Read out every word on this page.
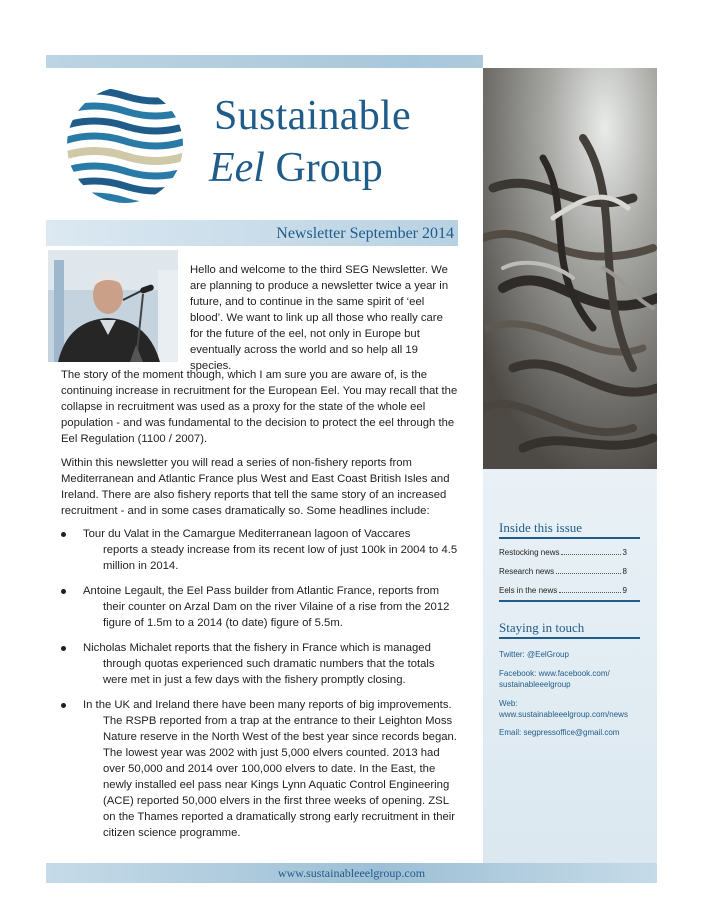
Sustainable
Eel Group
Newsletter September 2014
Hello and welcome to the third SEG Newsletter. We are planning to produce a newsletter twice a year in future, and to continue in the same spirit of ‘eel blood’. We want to link up all those who really care for the future of the eel, not only in Europe but eventually across the world and so help all 19 species.
The story of the moment though, which I am sure you are aware of, is the continuing increase in recruitment for the European Eel. You may recall that the collapse in recruitment was used as a proxy for the state of the whole eel population - and was fundamental to the decision to protect the eel through the Eel Regulation (1100 / 2007).
Within this newsletter you will read a series of non-fishery reports from Mediterranean and Atlantic France plus West and East Coast British Isles and Ireland. There are also fishery reports that tell the same story of an increased recruitment - and in some cases dramatically so. Some headlines include:
Tour du Valat in the Camargue Mediterranean lagoon of Vaccares
reports a steady increase from its recent low of just 100k in 2004 to 4.5 million in 2014.
Antoine Legault, the Eel Pass builder from Atlantic France, reports from
their counter on Arzal Dam on the river Vilaine of a rise from the 2012 figure of 1.5m to a 2014 (to date) figure of 5.5m.
Nicholas Michalet reports that the fishery in France which is managed
through quotas experienced such dramatic numbers that the totals were met in just a few days with the fishery promptly closing.
In the UK and Ireland there have been many reports of big improvements.
The RSPB reported from a trap at the entrance to their Leighton Moss Nature reserve in the North West of the best year since records began. The lowest year was 2002 with just 5,000 elvers counted. 2013 had over 50,000 and 2014 over 100,000 elvers to date. In the East, the newly installed eel pass near Kings Lynn Aquatic Control Engineering (ACE) reported 50,000 elvers in the first three weeks of opening. ZSL on the Thames reported a dramatically strong early recruitment in their citizen science programme.
Inside this issue
Restocking news	3
Research news	8
Eels in the news	9
Staying in touch
Twitter: @EelGroup
Facebook: www.facebook.com/
sustainableeelgroup
Web:
www.sustainableeelgroup.com/news
Email: segpressoffice@gmail.com
www.sustainableeelgroup.com
